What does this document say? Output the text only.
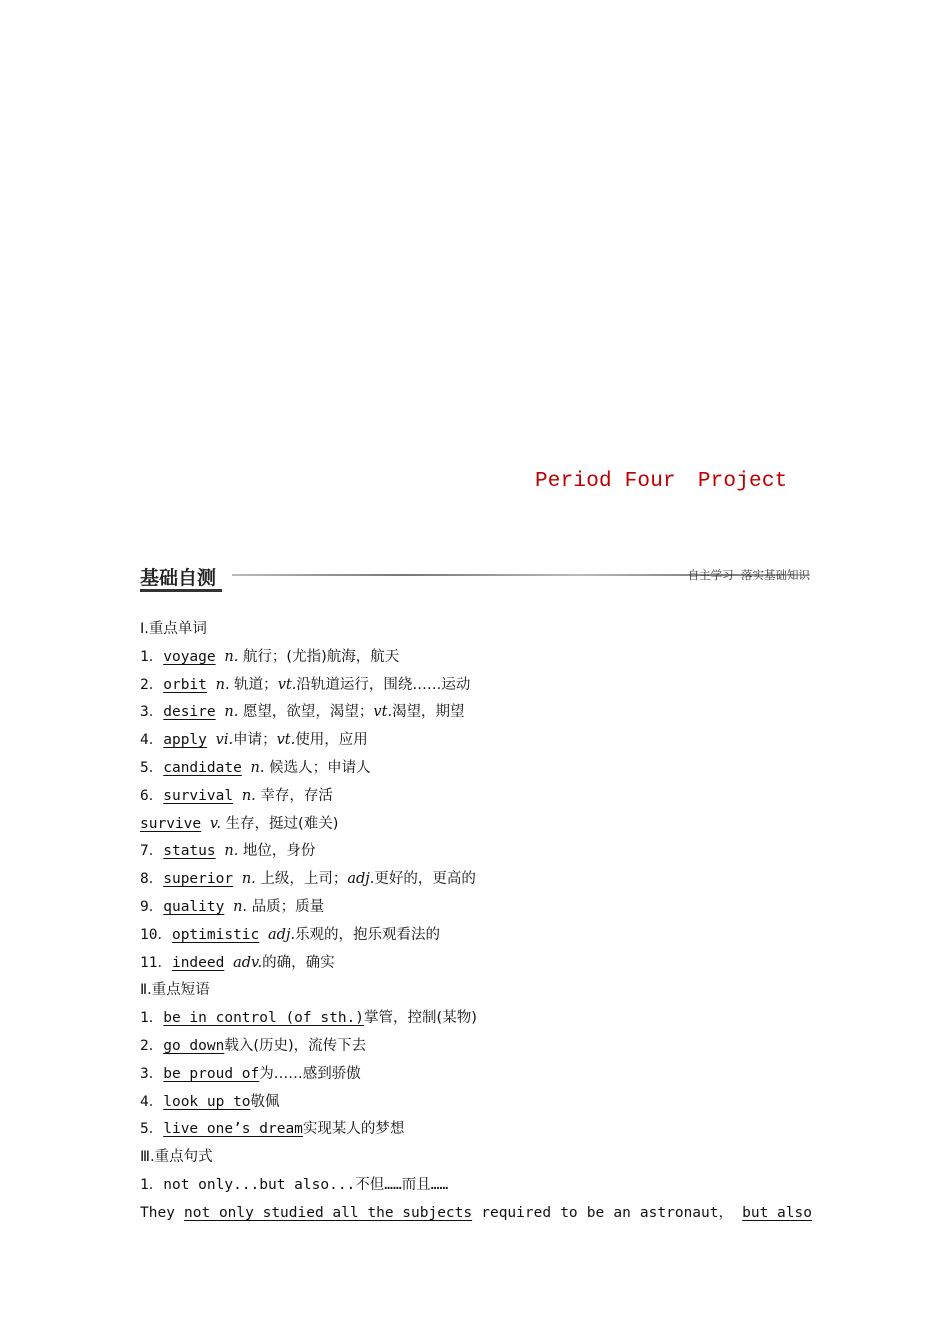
Period Four Project
基础自测	自主学习  落实基础知识
Ⅰ.重点单词
1．voyage n. 航行；(尤指)航海，航天
2．orbit n. 轨道；vt.沿轨道运行，围绕……运动
3．desire n. 愿望，欲望，渴望；vt.渴望，期望
4．apply vi.申请；vt.使用，应用
5．candidate n. 候选人；申请人
6．survival n. 幸存，存活
survive v. 生存，挺过(难关)
7．status n. 地位，身份
8．superior n. 上级，上司；adj.更好的，更高的
9．quality n. 品质；质量
10．optimistic adj.乐观的，抱乐观看法的
11．indeed adv.的确，确实
Ⅱ.重点短语
1．be in control (of sth.)掌管，控制(某物)
2．go down载入(历史)，流传下去
3．be proud of为……感到骄傲
4．look up to敬佩
5．live one’s dream实现某人的梦想
Ⅲ.重点句式
1．not only...but also...不但……而且……
They not only studied all the subjects required to be an astronaut， but also
